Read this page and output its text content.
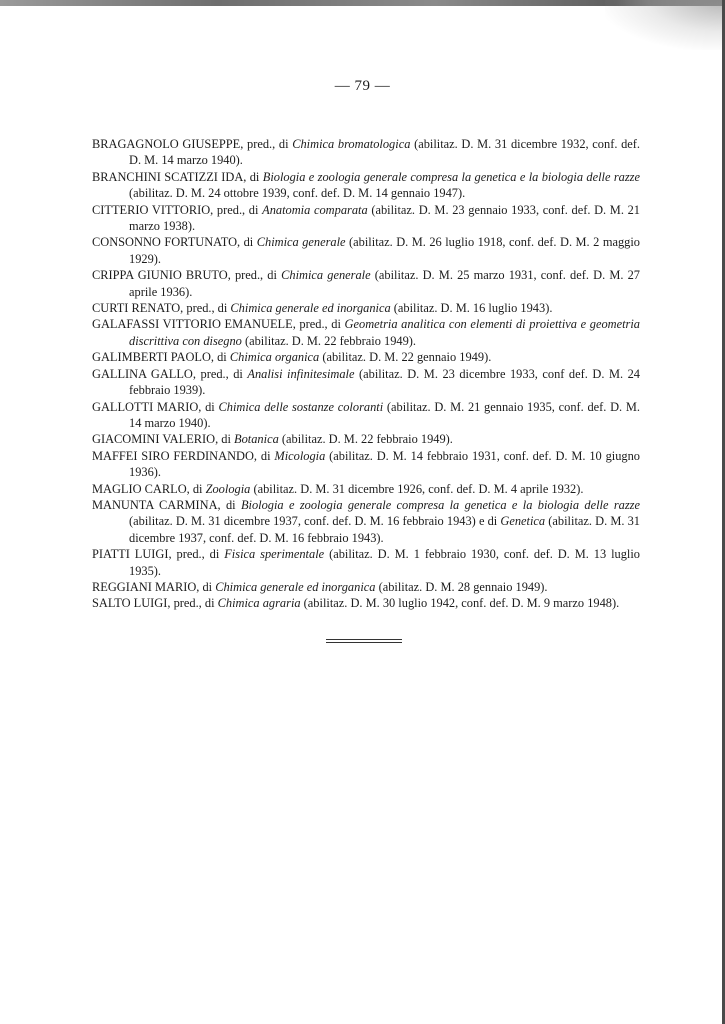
— 79 —
BRAGAGNOLO GIUSEPPE, pred., di Chimica bromatologica (abilitaz. D. M. 31 dicembre 1932, conf. def. D. M. 14 marzo 1940).
BRANCHINI SCATIZZI IDA, di Biologia e zoologia generale compresa la genetica e la biologia delle razze (abilitaz. D. M. 24 ottobre 1939, conf. def. D. M. 14 gennaio 1947).
CITTERIO VITTORIO, pred., di Anatomia comparata (abilitaz. D. M. 23 gennaio 1933, conf. def. D. M. 21 marzo 1938).
CONSONNO FORTUNATO, di Chimica generale (abilitaz. D. M. 26 luglio 1918, conf. def. D. M. 2 maggio 1929).
CRIPPA GIUNIO BRUTO, pred., di Chimica generale (abilitaz. D. M. 25 marzo 1931, conf. def. D. M. 27 aprile 1936).
CURTI RENATO, pred., di Chimica generale ed inorganica (abilitaz. D. M. 16 luglio 1943).
GALAFASSI VITTORIO EMANUELE, pred., di Geometria analitica con elementi di proiettiva e geometria discrittiva con disegno (abilitaz. D. M. 22 febbraio 1949).
GALIMBERTI PAOLO, di Chimica organica (abilitaz. D. M. 22 gennaio 1949).
GALLINA GALLO, pred., di Analisi infinitesimale (abilitaz. D. M. 23 dicembre 1933, conf def. D. M. 24 febbraio 1939).
GALLOTTI MARIO, di Chimica delle sostanze coloranti (abilitaz. D. M. 21 gennaio 1935, conf. def. D. M. 14 marzo 1940).
GIACOMINI VALERIO, di Botanica (abilitaz. D. M. 22 febbraio 1949).
MAFFEI SIRO FERDINANDO, di Micologia (abilitaz. D. M. 14 febbraio 1931, conf. def. D. M. 10 giugno 1936).
MAGLIO CARLO, di Zoologia (abilitaz. D. M. 31 dicembre 1926, conf. def. D. M. 4 aprile 1932).
MANUNTA CARMINA, di Biologia e zoologia generale compresa la genetica e la biologia delle razze (abilitaz. D. M. 31 dicembre 1937, conf. def. D. M. 16 febbraio 1943) e di Genetica (abilitaz. D. M. 31 dicembre 1937, conf. def. D. M. 16 febbraio 1943).
PIATTI LUIGI, pred., di Fisica sperimentale (abilitaz. D. M. 1 febbraio 1930, conf. def. D. M. 13 luglio 1935).
REGGIANI MARIO, di Chimica generale ed inorganica (abilitaz. D. M. 28 gennaio 1949).
SALTO LUIGI, pred., di Chimica agraria (abilitaz. D. M. 30 luglio 1942, conf. def. D. M. 9 marzo 1948).
